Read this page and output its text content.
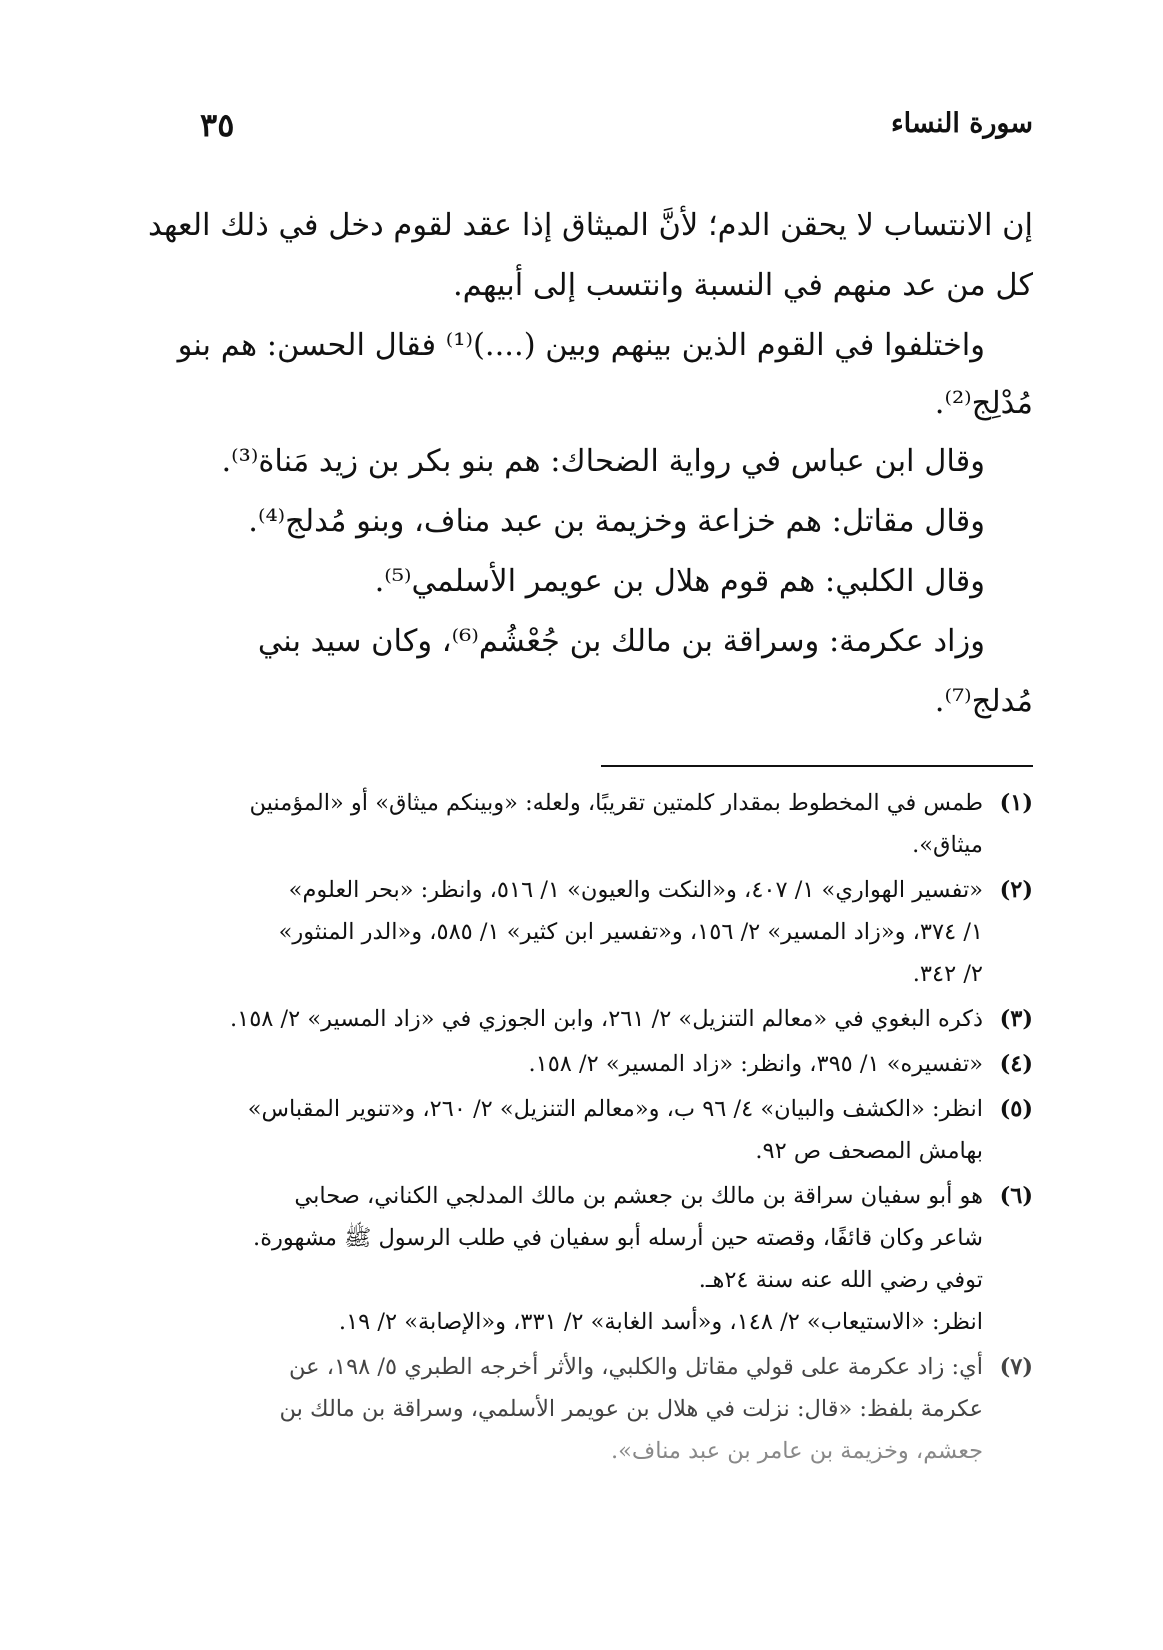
سورة النساء
٣٥

إن الانتساب لا يحقن الدم؛ لأنَّ الميثاق إذا عقد لقوم دخل في ذلك العهد

كل من عد منهم في النسبة وانتسب إلى أبيهم.

واختلفوا في القوم الذين بينهم وبين (....)⁽¹⁾ فقال الحسن: هم بنو

مُدْلِج⁽²⁾.

وقال ابن عباس في رواية الضحاك: هم بنو بكر بن زيد مَناة⁽³⁾.

وقال مقاتل: هم خزاعة وخزيمة بن عبد مناف، وبنو مُدلج⁽⁴⁾.

وقال الكلبي: هم قوم هلال بن عويمر الأسلمي⁽⁵⁾.

وزاد عكرمة: وسراقة بن مالك بن جُعْشُم⁽⁶⁾، وكان سيد بني

مُدلج⁽⁷⁾.

(١)
طمس في المخطوط بمقدار كلمتين تقريبًا، ولعله: «وبينكم ميثاق» أو «المؤمنين
ميثاق».
(٢)
«تفسير الهواري» ١/ ٤٠٧، و«النكت والعيون» ١/ ٥١٦، وانظر: «بحر العلوم»
١/ ٣٧٤، و«زاد المسير» ٢/ ١٥٦، و«تفسير ابن كثير» ١/ ٥٨٥، و«الدر المنثور»
٢/ ٣٤٢.
(٣)
ذكره البغوي في «معالم التنزيل» ٢/ ٢٦١، وابن الجوزي في «زاد المسير» ٢/ ١٥٨.
(٤)
«تفسيره» ١/ ٣٩٥، وانظر: «زاد المسير» ٢/ ١٥٨.
(٥)
انظر: «الكشف والبيان» ٤/ ٩٦ ب، و«معالم التنزيل» ٢/ ٢٦٠، و«تنوير المقباس»
بهامش المصحف ص ٩٢.
(٦)
هو أبو سفيان سراقة بن مالك بن جعشم بن مالك المدلجي الكناني، صحابي
شاعر وكان قائفًا، وقصته حين أرسله أبو سفيان في طلب الرسول ﷺ مشهورة.
توفي رضي الله عنه سنة ٢٤هـ.
انظر: «الاستيعاب» ٢/ ١٤٨، و«أسد الغابة» ٢/ ٣٣١، و«الإصابة» ٢/ ١٩.
(٧)
أي: زاد عكرمة على قولي مقاتل والكلبي، والأثر أخرجه الطبري ٥/ ١٩٨، عن
عكرمة بلفظ: «قال: نزلت في هلال بن عويمر الأسلمي، وسراقة بن مالك بن
جعشم، وخزيمة بن عامر بن عبد مناف».
